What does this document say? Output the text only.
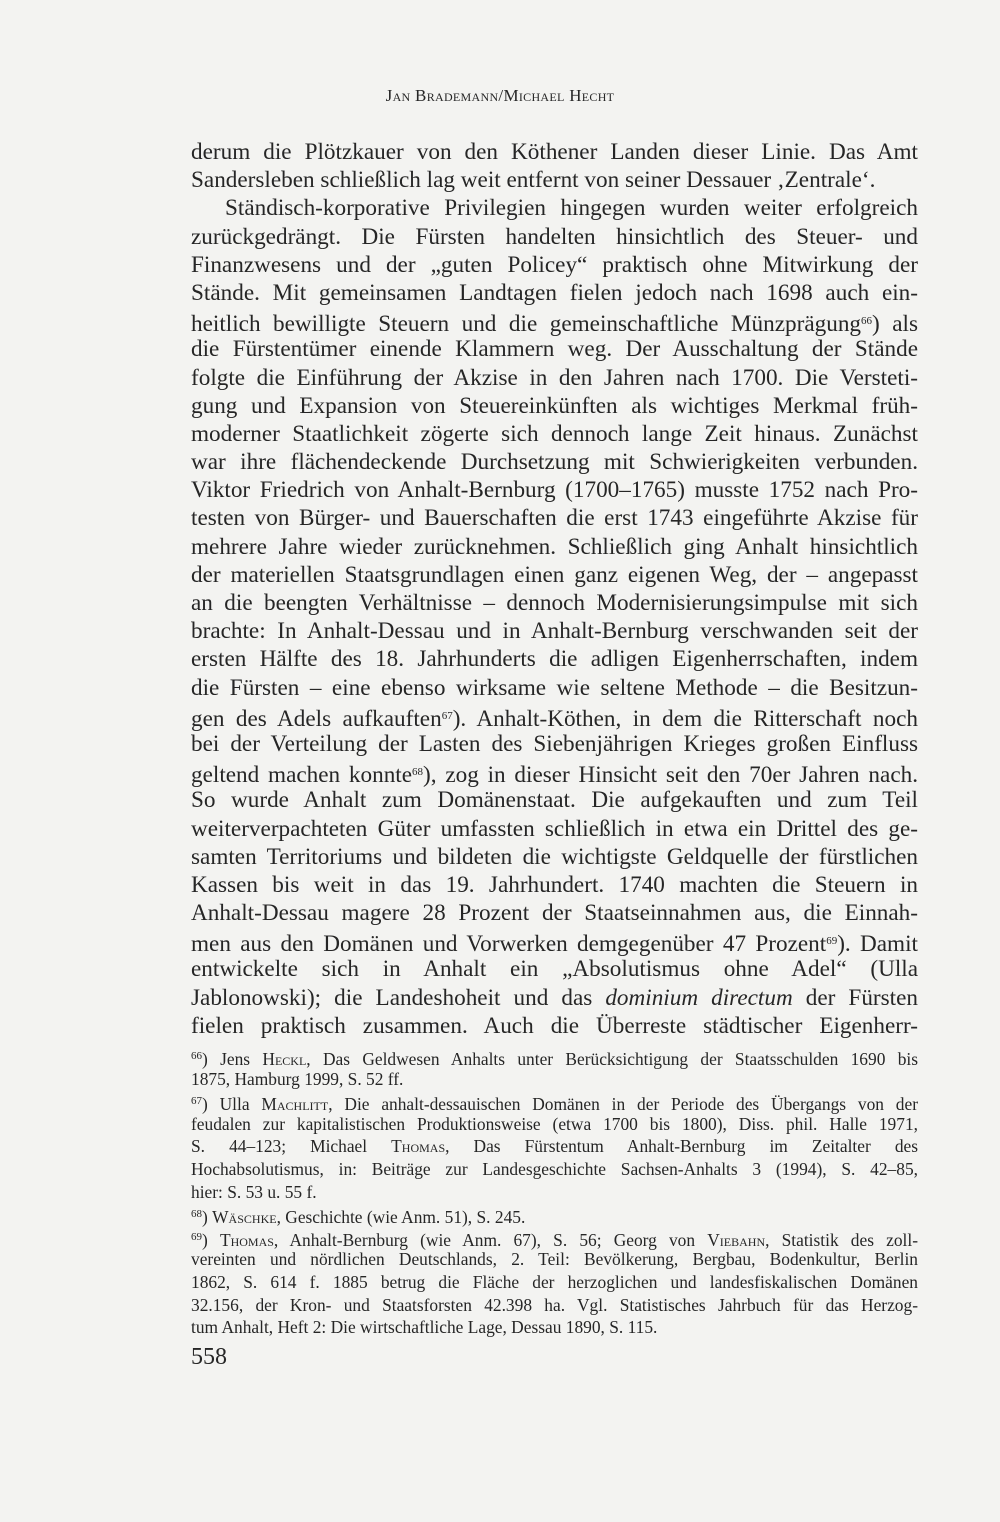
Jan Brademann/Michael Hecht
derum die Plötzkauer von den Köthener Landen dieser Linie. Das Amt
Sandersleben schließlich lag weit entfernt von seiner Dessauer ‚Zentrale‘.
Ständisch-korporative Privilegien hingegen wurden weiter erfolgreich
zurückgedrängt. Die Fürsten handelten hinsichtlich des Steuer- und
Finanzwesens und der „guten Policey“ praktisch ohne Mitwirkung der
Stände. Mit gemeinsamen Landtagen fielen jedoch nach 1698 auch ein-
heitlich bewilligte Steuern und die gemeinschaftliche Münzprägung$^{66}$) als
die Fürstentümer einende Klammern weg. Der Ausschaltung der Stände
folgte die Einführung der Akzise in den Jahren nach 1700. Die Versteti-
gung und Expansion von Steuereinkünften als wichtiges Merkmal früh-
moderner Staatlichkeit zögerte sich dennoch lange Zeit hinaus. Zunächst
war ihre flächendeckende Durchsetzung mit Schwierigkeiten verbunden.
Viktor Friedrich von Anhalt-Bernburg (1700–1765) musste 1752 nach Pro-
testen von Bürger- und Bauerschaften die erst 1743 eingeführte Akzise für
mehrere Jahre wieder zurücknehmen. Schließlich ging Anhalt hinsichtlich
der materiellen Staatsgrundlagen einen ganz eigenen Weg, der – angepasst
an die beengten Verhältnisse – dennoch Modernisierungsimpulse mit sich
brachte: In Anhalt-Dessau und in Anhalt-Bernburg verschwanden seit der
ersten Hälfte des 18. Jahrhunderts die adligen Eigenherrschaften, indem
die Fürsten – eine ebenso wirksame wie seltene Methode – die Besitzun-
gen des Adels aufkauften$^{67}$). Anhalt-Köthen, in dem die Ritterschaft noch
bei der Verteilung der Lasten des Siebenjährigen Krieges großen Einfluss
geltend machen konnte$^{68}$), zog in dieser Hinsicht seit den 70er Jahren nach.
So wurde Anhalt zum Domänenstaat. Die aufgekauften und zum Teil
weiterverpachteten Güter umfassten schließlich in etwa ein Drittel des ge-
samten Territoriums und bildeten die wichtigste Geldquelle der fürstlichen
Kassen bis weit in das 19. Jahrhundert. 1740 machten die Steuern in
Anhalt-Dessau magere 28 Prozent der Staatseinnahmen aus, die Einnah-
men aus den Domänen und Vorwerken demgegenüber 47 Prozent$^{69}$). Damit
entwickelte sich in Anhalt ein „Absolutismus ohne Adel“ (Ulla
Jablonowski); die Landeshoheit und das dominium directum der Fürsten
fielen praktisch zusammen. Auch die Überreste städtischer Eigenherr-
$^{66}$) Jens Heckl, Das Geldwesen Anhalts unter Berücksichtigung der Staatsschulden 1690 bis
1875, Hamburg 1999, S. 52 ff.
$^{67}$) Ulla Machlitt, Die anhalt-dessauischen Domänen in der Periode des Übergangs von der
feudalen zur kapitalistischen Produktionsweise (etwa 1700 bis 1800), Diss. phil. Halle 1971,
S. 44–123; Michael Thomas, Das Fürstentum Anhalt-Bernburg im Zeitalter des
Hochabsolutismus, in: Beiträge zur Landesgeschichte Sachsen-Anhalts 3 (1994), S. 42–85,
hier: S. 53 u. 55 f.
$^{68}$) Wäschke, Geschichte (wie Anm. 51), S. 245.
$^{69}$) Thomas, Anhalt-Bernburg (wie Anm. 67), S. 56; Georg von Viebahn, Statistik des zoll-
vereinten und nördlichen Deutschlands, 2. Teil: Bevölkerung, Bergbau, Bodenkultur, Berlin
1862, S. 614 f. 1885 betrug die Fläche der herzoglichen und landesfiskalischen Domänen
32.156, der Kron- und Staatsforsten 42.398 ha. Vgl. Statistisches Jahrbuch für das Herzog-
tum Anhalt, Heft 2: Die wirtschaftliche Lage, Dessau 1890, S. 115.
558
